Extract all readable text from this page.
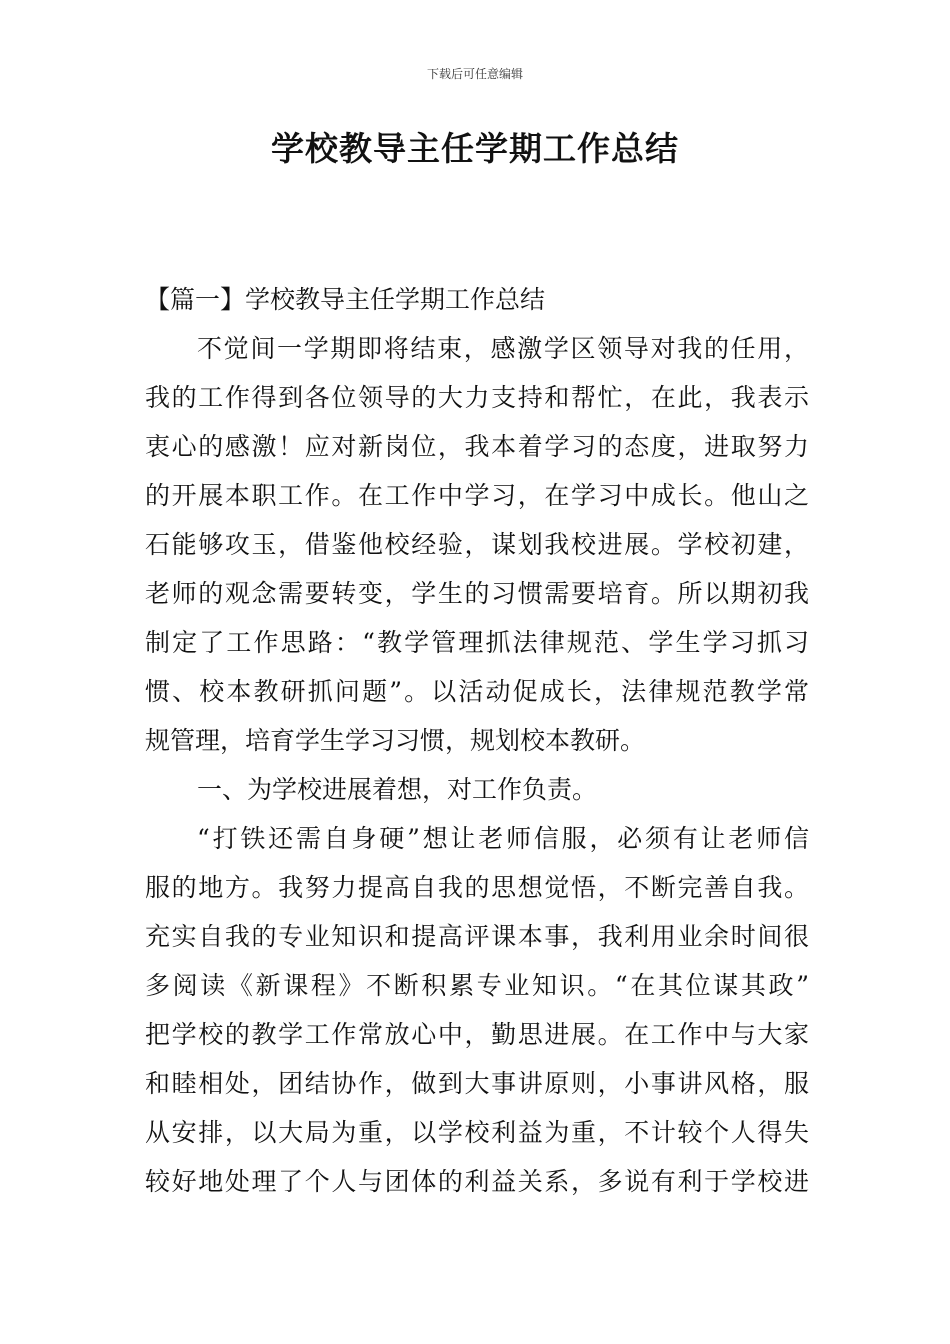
下载后可任意编辑
学校教导主任学期工作总结
【篇一】学校教导主任学期工作总结
不觉间一学期即将结束，感激学区领导对我的任用，
我的工作得到各位领导的大力支持和帮忙，在此，我表示
衷心的感激！应对新岗位，我本着学习的态度，进取努力
的开展本职工作。在工作中学习，在学习中成长。他山之
石能够攻玉，借鉴他校经验，谋划我校进展。学校初建，
老师的观念需要转变，学生的习惯需要培育。所以期初我
制定了工作思路：“教学管理抓法律规范、学生学习抓习
惯、校本教研抓问题”。以活动促成长，法律规范教学常
规管理，培育学生学习习惯，规划校本教研。
一、为学校进展着想，对工作负责。
“打铁还需自身硬”想让老师信服，必须有让老师信
服的地方。我努力提高自我的思想觉悟，不断完善自我。
充实自我的专业知识和提高评课本事，我利用业余时间很
多阅读《新课程》不断积累专业知识。“在其位谋其政”
把学校的教学工作常放心中，勤思进展。在工作中与大家
和睦相处，团结协作，做到大事讲原则，小事讲风格，服
从安排，以大局为重，以学校利益为重，不计较个人得失
较好地处理了个人与团体的利益关系，多说有利于学校进
